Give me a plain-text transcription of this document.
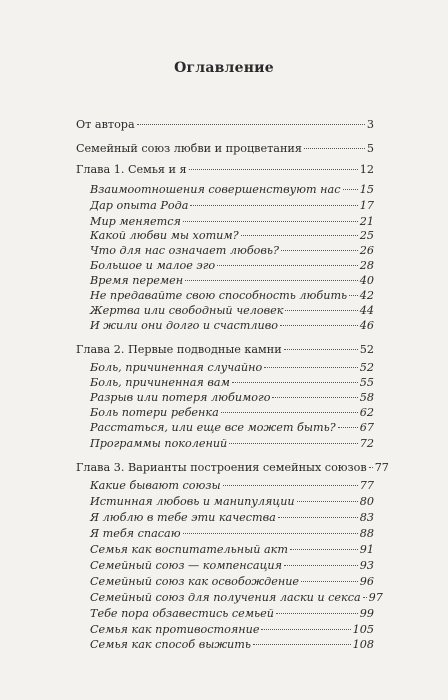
Оглавление
От автора	3
Семейный союз любви и процветания	5
Глава 1. Семья и я	12
Взаимоотношения совершенствуют нас 15
Дар опыта Рода	17
Мир меняется	21
Какой любви мы хотим?	25
Что для нас означает любовь?	26
Большое и малое эго	28
Время перемен	40
Не предавайте свою способность любить 42
Жертва или свободный человек	44
И жили они долго и счастливо	46
Глава 2. Первые подводные камни	52
Боль, причиненная случайно	52
Боль, причиненная вам	55
Разрыв или потеря любимого	58
Боль потери ребенка	62
Расстаться, или еще все может быть? 67
Программы поколений	72
Глава 3. Варианты построения семейных союзов 77
Какие бывают союзы	77
Истинная любовь и манипуляции	80
Я люблю в тебе эти качества	83
Я тебя спасаю	88
Семья как воспитательный акт	91
Семейный союз — компенсация	93
Семейный союз как освобождение	96
Семейный союз для получения ласки и секса 97
Тебе пора обзавестись семьей	99
Семья как противостояние	105
Семья как способ выжить	108
